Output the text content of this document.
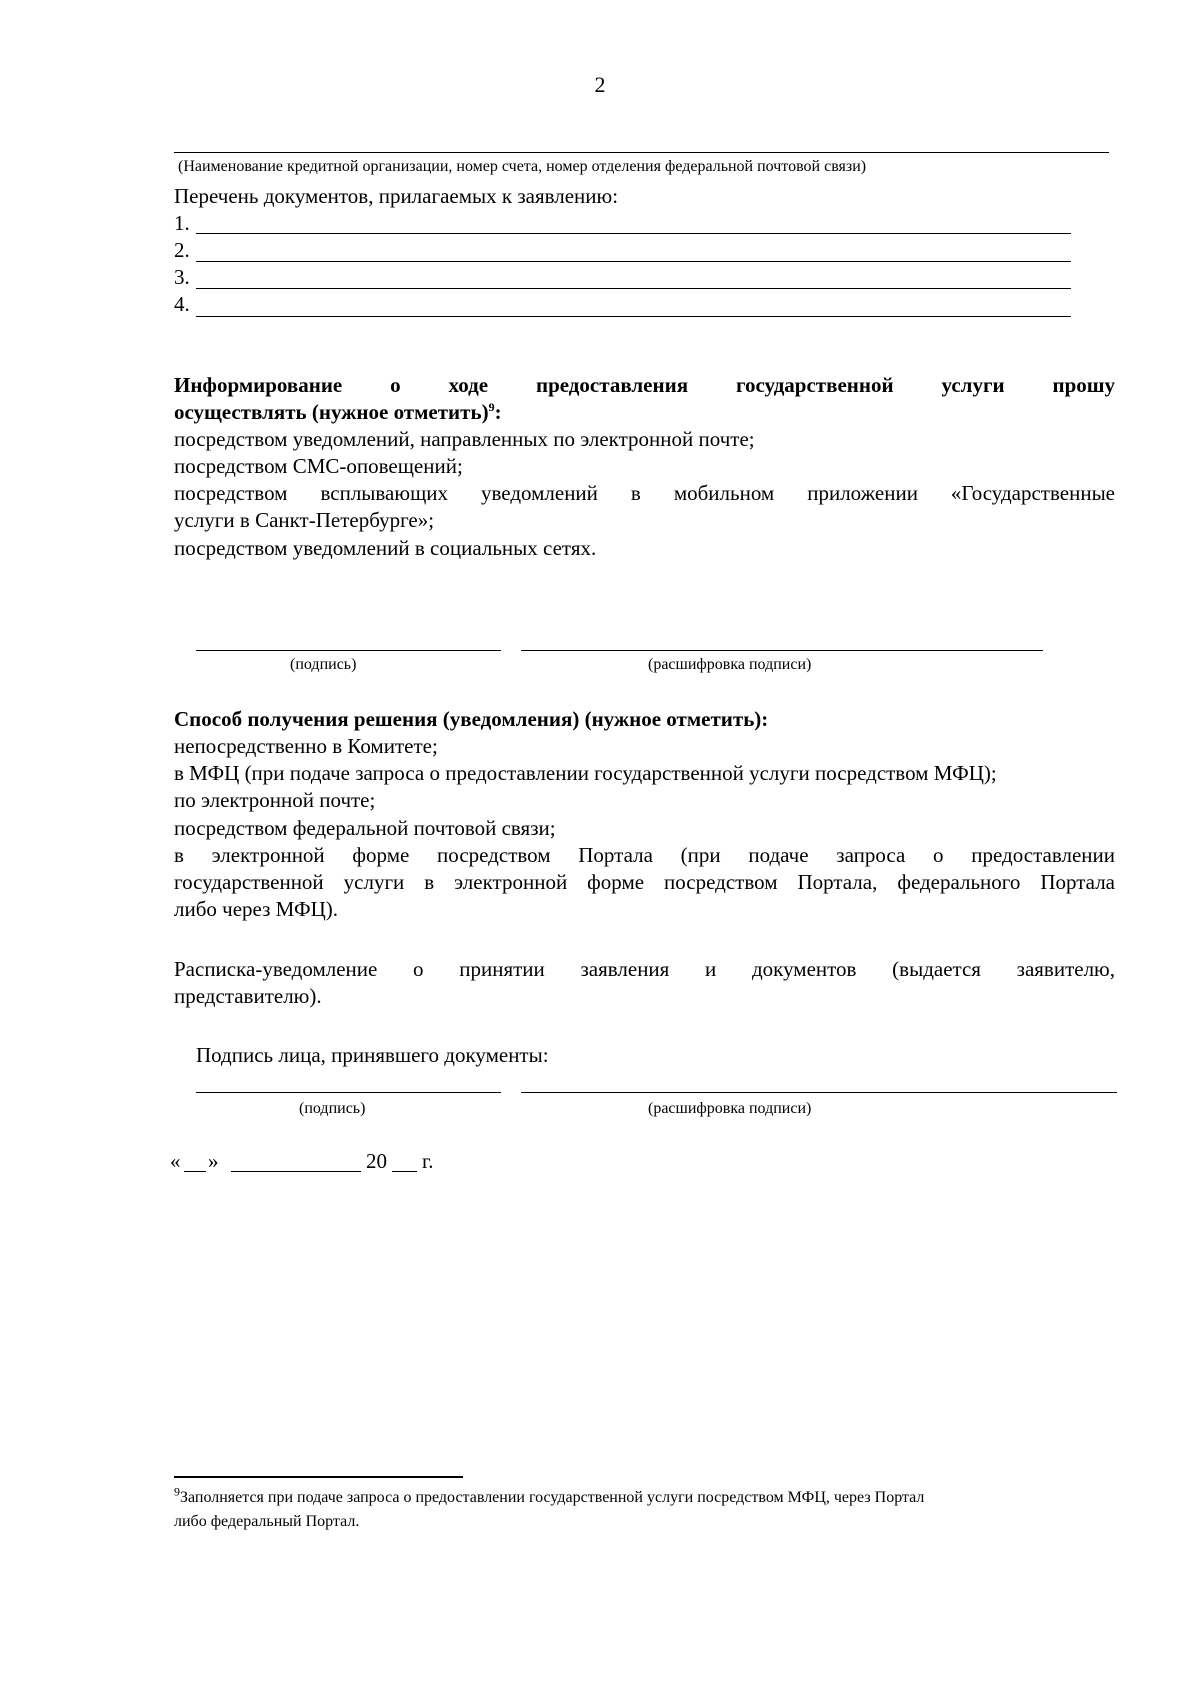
2
(Наименование кредитной организации, номер счета, номер отделения федеральной почтовой связи)
Перечень документов, прилагаемых к заявлению:
1.
2.
3.
4.
Информирование о ходе предоставления государственной услуги прошу
осуществлять (нужное отметить)$^9$:
посредством уведомлений, направленных по электронной почте;
посредством СМС-оповещений;
посредством всплывающих уведомлений в мобильном приложении «Государственные
услуги в Санкт-Петербурге»;
посредством уведомлений в социальных сетях.
(подпись)	(расшифровка подписи)
Способ получения решения (уведомления) (нужное отметить):
непосредственно в Комитете;
в МФЦ (при подаче запроса о предоставлении государственной услуги посредством МФЦ);
по электронной почте;
посредством федеральной почтовой связи;
в электронной форме посредством Портала (при подаче запроса о предоставлении
государственной услуги в электронной форме посредством Портала, федерального Портала
либо через МФЦ).
Расписка-уведомление о принятии заявления и документов (выдается заявителю,
представителю).
Подпись лица, принявшего документы:
(подпись)	(расшифровка подписи)
« »	20 г.
$^9$Заполняется при подаче запроса о предоставлении государственной услуги посредством МФЦ, через Портал
либо федеральный Портал.
